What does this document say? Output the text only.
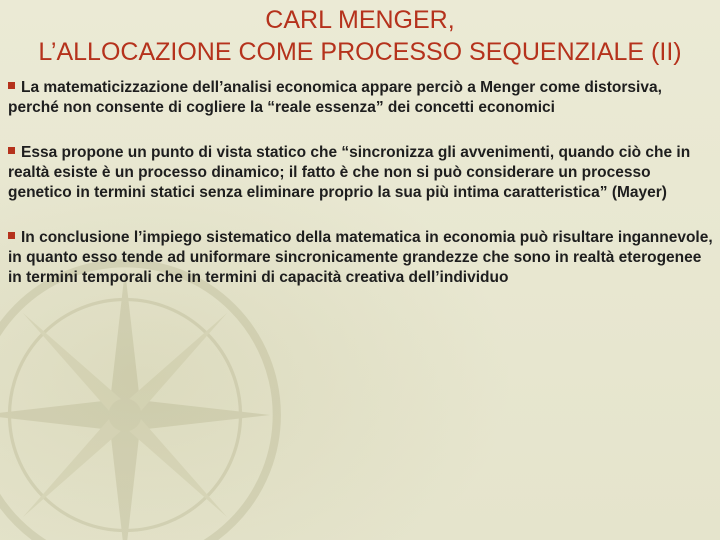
CARL MENGER,
L’ALLOCAZIONE COME PROCESSO SEQUENZIALE (II)
La matematicizzazione dell’analisi economica appare perciò a Menger come distorsiva, perché non consente di cogliere la “reale essenza” dei concetti economici
Essa propone un punto di vista statico che “sincronizza gli avvenimenti, quando ciò che in realtà esiste è un processo dinamico; il fatto è che non si può considerare un processo genetico in termini statici senza eliminare proprio la sua più intima caratteristica” (Mayer)
In conclusione l’impiego sistematico della matematica in economia può risultare ingannevole, in quanto esso tende ad uniformare sincronicamente grandezze che sono in realtà eterogenee in termini temporali che in termini di capacità creativa dell’individuo
